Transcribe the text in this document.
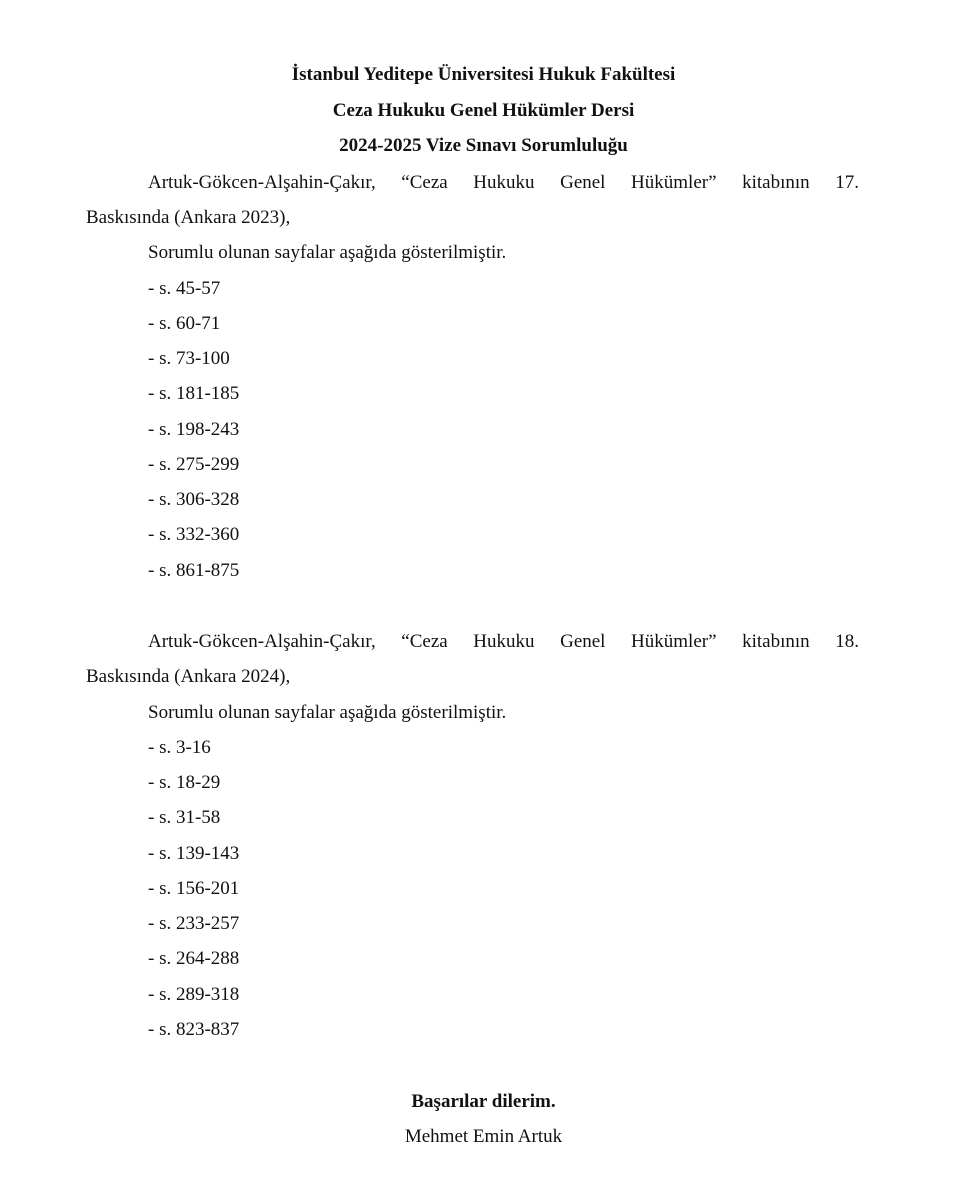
İstanbul Yeditepe Üniversitesi Hukuk Fakültesi
Ceza Hukuku Genel Hükümler Dersi
2024-2025 Vize Sınavı Sorumluluğu
Artuk-Gökcen-Alşahin-Çakır, “Ceza Hukuku Genel Hükümler” kitabının 17.
Baskısında (Ankara 2023),
Sorumlu olunan sayfalar aşağıda gösterilmiştir.
- s. 45-57
- s. 60-71
- s. 73-100
- s. 181-185
- s. 198-243
- s. 275-299
- s. 306-328
- s. 332-360
- s. 861-875
Artuk-Gökcen-Alşahin-Çakır, “Ceza Hukuku Genel Hükümler” kitabının 18.
Baskısında (Ankara 2024),
Sorumlu olunan sayfalar aşağıda gösterilmiştir.
- s. 3-16
- s. 18-29
- s. 31-58
- s. 139-143
- s. 156-201
- s. 233-257
- s. 264-288
- s. 289-318
- s. 823-837
Başarılar dilerim.
Mehmet Emin Artuk
